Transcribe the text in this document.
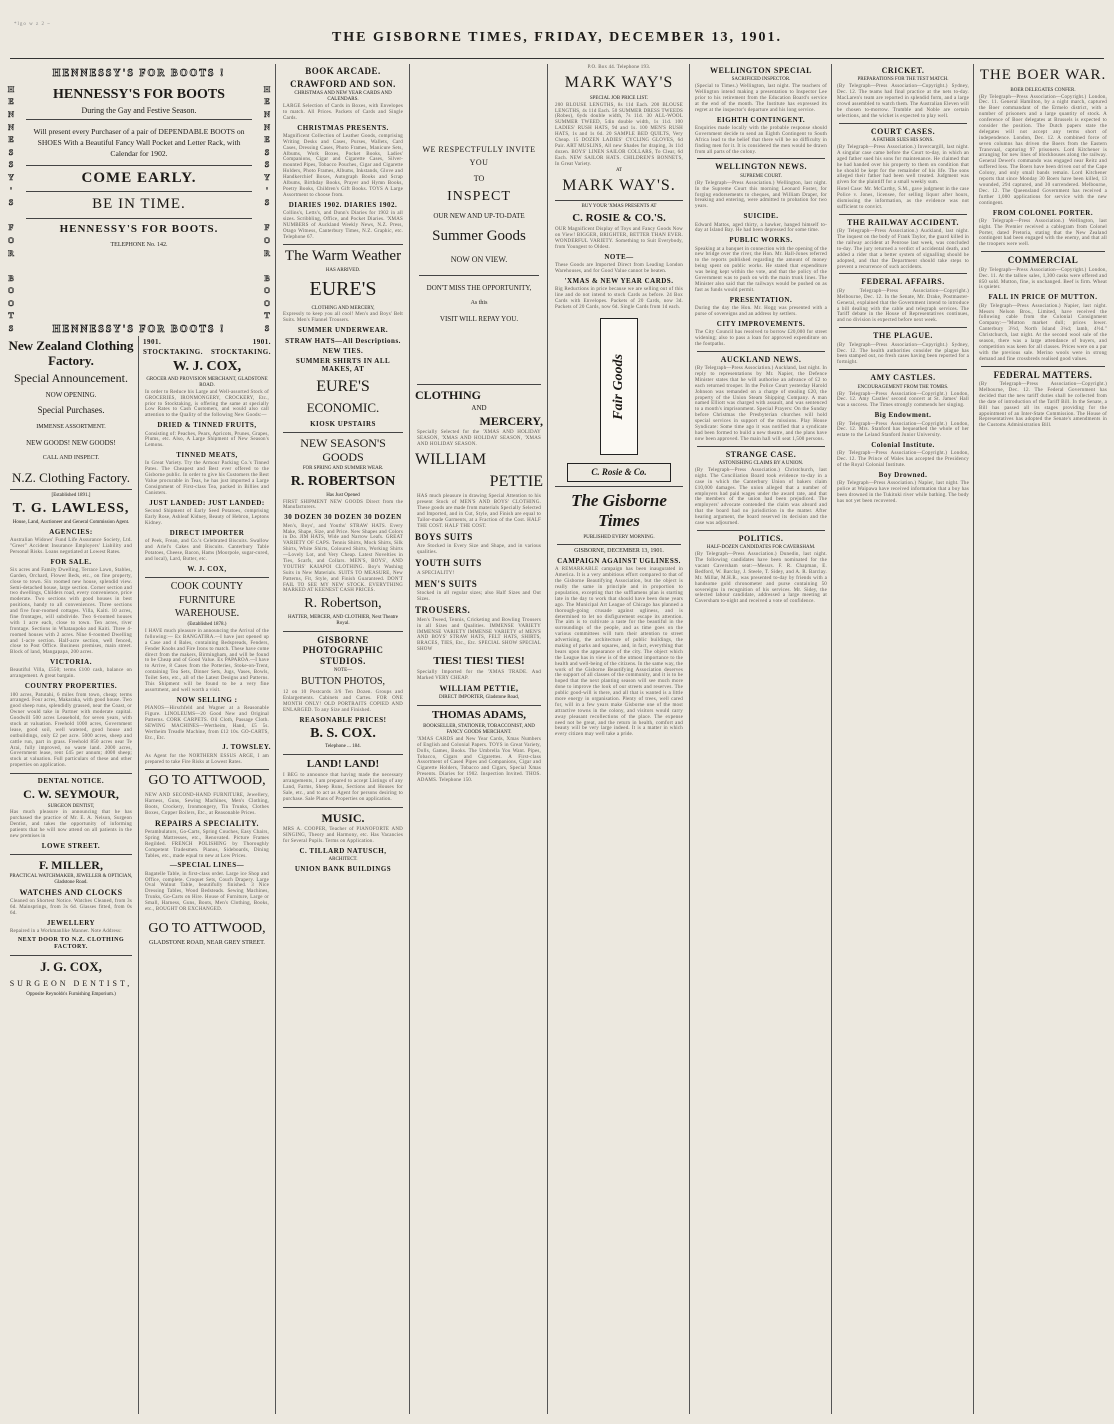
*lgo w z 2 ~
THE GISBORNE TIMES, FRIDAY, DECEMBER 13, 1901.
HENNESSY'S FOR BOOTS !
H
E
N
N
E
S
S
Y
'
S

F
O
R

B
O
O
T
S
H
E
N
N
E
S
S
Y
'
S

F
O
R

B
O
O
T
S
HENNESSY'S FOR BOOTS
During the Gay and Festive Season.
Will present every Purchaser of a pair of DEPENDABLE BOOTS on SHOES With a Beautiful Fancy Wall Pocket and Letter Rack, with Calendar for 1902.
COME EARLY.
BE IN TIME.
HENNESSY'S FOR BOOTS.
TELEPHONE No. 142.
HENNESSY'S FOR BOOTS !
New Zealand Clothing Factory.
Special Announcement.
NOW OPENING.
Special Purchases.
IMMENSE ASSORTMENT.
NEW GOODS! NEW GOODS!
CALL AND INSPECT.
N.Z. Clothing Factory.
[Established 1891.]
T. G. LAWLESS,
House, Land, Auctioneer and General Commission Agent.
AGENCIES:
Australian Widows' Fund Life Assurance Society, Ltd. "Greer" Accident Insurance Employers' Liability and Personal Risks. Loans negotiated at Lowest Rates.
FOR SALE.
Six acres and Family Dwelling, Terrace Lawn, Stables, Garden, Orchard, Flower Beds, etc., on fine property, close to town. Six roomed new house, splendid view. Semi-detached house, large section. Corner section and two dwellings, Childers road, every convenience, price moderate. Two sections with good houses in best positions, handy to all conveniences. Three sections and five four-roomed cottages. Villa, Kaiti. 10 acres, fine frontages, will subdivide. Two 6-roomed houses with 1 acre each, close to town. Ten acres, river frontage. Sections in Whataupoko and Kaiti. Three 4-roomed houses with 2 acres. Nine 6-roomed Dwelling and 1-acre section. Half-acre section, well fenced, close to Post Office. Business premises, main street. Block of land, Mangapapa, 200 acres.
VICTORIA.
Beautiful Villa, £550; terms £100 cash, balance on arrangement. A great bargain.
COUNTRY PROPERTIES.
100 acres, Patutahi, 6 miles from town, cheap; terms arranged. Four acres, Makaraka, with good house. Two good sheep runs, splendidly grassed, near the Coast, or Owner would take in Partner with moderate capital. Goodwill 500 acres Leasehold, for seven years, with stock at valuation. Freehold 1000 acres, Government lease, good soil, well watered, good house and outbuildings, only £2 per acre. 5000 acres, sheep and cattle run, part in grass. Freehold 850 acres near Te Arai, fully improved, no waste land. 2000 acres, Government lease, rent £45 per annum; 4000 sheep; stock at valuation. Full particulars of these and other properties on application.
DENTAL NOTICE.
C. W. SEYMOUR,
SURGEON DENTIST,
Has much pleasure in announcing that he has purchased the practice of Mr. E. A. Nelson, Surgeon Dentist, and takes the opportunity of informing patients that he will now attend on all patients in the new premises in
LOWE STREET.
F. MILLER,
PRACTICAL WATCHMAKER, JEWELLER & OPTICIAN, Gladstone Road.
WATCHES AND CLOCKS
Cleaned on Shortest Notice. Watches Cleaned, from 3s 6d. Mainsprings, from 3s 6d. Glasses fitted, from 0s 6d.
JEWELLERY
Repaired in a Workmanlike Manner. Note Address:
NEXT DOOR TO N.Z. CLOTHING FACTORY.
J. G. COX,
SURGEON DENTIST,
Opposite Reynolds's Furnishing Emporium.)
1901.	1901.
STOCKTAKING. STOCKTAKING.
W. J. COX,
GROCER AND PROVISION MERCHANT, GLADSTONE ROAD.
In order to Reduce his Large and Well-assorted Stock of GROCERIES, IRONMONGERY, CROCKERY, Etc., prior to Stocktaking, is offering the same at specially Low Rates to Cash Customers, and would also call attention to the Quality of the following New Goods:—
DRIED & TINNED FRUITS,
Consisting of: Peaches, Pears, Apricots, Prunes, Grapes, Plums, etc. Also, A Large Shipment of New Season's Lemons.
TINNED MEATS,
In Great Variety. Try the Armour Packing Co.'s Tinned Pates. The Cheapest and Best ever offered to the Gisborne public. In order to give his Customers the Best Value procurable in Teas, he has just imported a Large Consignment of First-class Tea, packed in Billies and Canisters.
JUST LANDED: JUST LANDED:
Second Shipment of Early Seed Potatoes, comprising Early Rose, Ashleaf Kidney, Beauty of Hebron, Leptons Kidney.
DIRECT IMPORTER
of Peek, Frean, and Co.'s Celebrated Biscuits. Swallow and Ariel's Cakes and Biscuits. Canterbury Table Potatoes, Cheese, Bacon, Hams (Moorpole, sugar-cured, and local), Lard, Butter, etc.
W. J. COX,
COOK COUNTY
FURNITURE
WAREHOUSE.
(Established 1878.)
I HAVE much pleasure in announcing the Arrival of the following:— Ex BANGATIRA.—I have just opened up a Case and 4 Bales, containing Bedspreads, Fenders, Fender Knobs and Fire Irons to match. These have come direct from the makers, Birmingham, and will be found to be Cheap and of Good Value. Ex PAPAROA.—I have to Arrive, 8 Cases from the Potteries, Stoke-on-Trent, containing Tea Sets, Dinner Sets, Jugs, Vases, Bowls, Toilet Sets, etc., all of the Latest Designs and Patterns. This Shipment will be found to be a very fine assortment, and well worth a visit.
NOW SELLING :
PIANOS—Hirschfeld and Wagner at a Reasonable Figure. LINOLEUMS—20 Good New and Original Patterns. CORK CARPETS. Oil Cloth, Passage Cloth. SEWING MACHINES—Wertheim, Hand, £5 5s. Wertheim Treadle Machine, from £12 10s. GO-CARTS, Etc., Etc.
J. TOWSLEY.
As Agent for the NORTHERN ESSUS ARGE, I am prepared to take Fire Risks at Lowest Rates.
GO TO ATTWOOD,
NEW AND SECOND-HAND FURNITURE, Jewellery, Harness, Guns, Sewing Machines, Men's Clothing, Boots, Crockery, Ironmongery, Tin Trunks, Clothes Boxes, Copper Boilers, Etc., at Reasonable Prices.
REPAIRS A SPECIALITY.
Perambulators, Go-Carts, Spring Couches, Easy Chairs, Spring Mattresses, etc., Renovated. Picture Frames Regilded. FRENCH POLISHING by Thoroughly Competent Tradesmen. Pianos, Sideboards, Dining Tables, etc., made equal to new at Low Prices.
—SPECIAL LINES—
Bagatelle Table, in first-class order. Large ice Shop and Office, complete. Croquet Sets, Couch Drapery. Large Oval Walnut Table, beautifully finished. 3 Nice Dressing Tables, Wood Bedsteads. Sewing Machines, Trunks, Go-Carts on Hire. House of Furniture, Large or Small, Harness, Guns, Boots, Men's Clothing, Books, etc., BOUGHT OR EXCHANGED.
GO TO ATTWOOD,
GLADSTONE ROAD, NEAR GREY STREET.
BOOK ARCADE.
CRAWFORD AND SON.
CHRISTMAS AND NEW YEAR CARDS AND CALENDARS.
LARGE Selection of Cards in Boxes, with Envelopes to match. All Prices. Packets of Cards and Single Cards.
CHRISTMAS PRESENTS.
Magnificent Collection of Leather Goods, comprising Writing Desks and Cases, Purses, Wallets, Card Cases, Dressing Cases, Photo Frames, Manicure Sets, Albums, Work Boxes, Pocket Books, Ladies' Companions, Cigar and Cigarette Cases, Silver-mounted Pipes, Tobacco Pouches, Cigar and Cigarette Holders, Photo Frames, Albums, Inkstands, Glove and Handkerchief Boxes, Autograph Books and Scrap Albums, Birthday Books, Prayer and Hymn Books, Poetry Books, Children's Gift Books. TOYS A Large Assortment to choose from.
DIARIES 1902. DIARIES 1902.
Collins's, Letts's, and Dunn's Diaries for 1902 in all sizes. Scribbling, Office, and Pocket Diaries. 'XMAS NUMBERS of Auckland Weekly News, N.Z. Press, Otago Witness, Canterbury Times, N.Z. Graphic, etc. Telephone 67.
The Warm Weather
HAS ARRIVED.
EURE'S
CLOTHING AND MERCERY,
Expressly to keep you all cool! Men's and Boys' Belt Suits. Men's Flannel Trousers.
SUMMER UNDERWEAR.
STRAW HATS—All Descriptions.
NEW TIES.
SUMMER SHIRTS IN ALL MAKES, AT
EURE'S
ECONOMIC.
KIOSK UPSTAIRS
NEW SEASON'S GOODS
FOR SPRING AND SUMMER WEAR.
R. ROBERTSON
Has Just Opened
FIRST SHIPMENT NEW GOODS Direct from the Manufacturers.
30 DOZEN 30 DOZEN 30 DOZEN
Men's, Boys', and Youths' STRAW HATS. Every Make, Shape, Size, and Price. New Shapes and Colors in Do. JIM HATS, Wide and Narrow Leafs. GREAT VARIETY OF CAPS. Tennis Shirts, Mock Shirts, Silk Shirts, White Shirts, Coloured Shirts, Working Shirts—Lovely Lot, and Very Cheap. Latest Novelties in Ties, Scarfs, and Collars. MEN'S, BOYS', AND YOUTHS' KAIAPOI CLOTHING. Boy's Washing Suits in New Materials. SUITS TO MEASURE, New Patterns, Fit, Style, and Finish Guaranteed. DON'T FAIL TO SEE MY NEW STOCK. EVERYTHING MARKED AT KEENEST CASH PRICES.
R. Robertson,
HATTER, MERCER, AND CLOTHIER, Next Theatre Royal.
GISBORNE PHOTOGRAPHIC STUDIOS.
NOTE—
BUTTON PHOTOS,
12 on 10 Postcards 3/6 Ten Dozen. Groups and Enlargements. Cabinets and Cartes. FOR ONE MONTH ONLY! OLD PORTRAITS COPIED AND ENLARGED. To any Size and Finished.
REASONABLE PRICES!
B. S. COX.
Telephone ... 184.
LAND! LAND!
I BEG to announce that having made the necessary arrangements, I am prepared to accept Listings of any Land, Farms, Sheep Runs, Sections and Houses for Sale, etc., and to act as Agent for persons desiring to purchase. Sale Plans of Properties on application.
MUSIC.
MRS A. COOPER, Teacher of PIANOFORTE AND SINGING, Theory and Harmony, etc. Has Vacancies for Several Pupils. Terms on Application.
C. TILLARD NATUSCH,
ARCHITECT.
UNION BANK BUILDINGS
WE RESPECTFULLY INVITE YOU
TO
INSPECT
OUR NEW AND UP-TO-DATE
Summer Goods
NOW ON VIEW.
DON'T MISS THE OPPORTUNITY,
As this
VISIT WILL REPAY YOU.
CLOTHING
AND
MERCERY,
Specially Selected for the 'XMAS AND HOLIDAY SEASON, 'XMAS AND HOLIDAY SEASON, 'XMAS AND HOLIDAY SEASON.
WILLIAM
PETTIE
HAS much pleasure in drawing Special Attention to his present Stock of MEN'S AND BOYS' CLOTHING. These goods are made from materials Specially Selected and Imported, and in Cut, Style, and Finish are equal to Tailor-made Garments, at a Fraction of the Cost. HALF THE COST. HALF THE COST.
BOYS SUITS
Are Stocked in Every Size and Shape, and in various qualities.
YOUTH SUITS
A SPECIALITY!
MEN'S SUITS
Stocked in all regular sizes; also Half Sizes and Out Sizes.
TROUSERS.
Men's Tweed, Tennis, Cricketing and Bowling Trousers in all Sizes and Qualities. IMMENSE VARIETY IMMENSE VARIETY IMMENSE VARIETY of MEN'S AND BOYS' STRAW HATS, FELT HATS, SHIRTS, BRACES, TIES, Etc., Etc. SPECIAL SHOW SPECIAL SHOW
TIES! TIES! TIES!
Specially Imported for the 'XMAS TRADE. And Marked VERY CHEAP.
WILLIAM PETTIE,
DIRECT IMPORTER, Gladstone Road,
THOMAS ADAMS,
BOOKSELLER, STATIONER, TOBACCONIST, AND FANCY GOODS MERCHANT.
'XMAS CARDS and New Year Cards, Xmas Numbers of English and Colonial Papers. TOYS in Great Variety, Dolls, Games, Books. The Umbrella You Want. Pipes, Tobacco, Cigars and Cigarettes. A First-class Assortment of Cased Pipes and Companions, Cigar and Cigarette Holders, Tobacco and Cigars, Special Xmas Presents. Diaries for 1902. Inspection Invited. THOS. ADAMS. Telephone 150.
P.O. Box 44. Telephone 193.
MARK WAY'S
SPECIAL JOB PRICE LIST.
200 BLOUSE LENGTHS, 8s 11d Each. 200 BLOUSE LENGTHS, 4s 11d Each. 50 SUMMER DRESS TWEEDS (Robes), 6yds double width, 7s 11d. 30 ALL-WOOL SUMMER TWEED, 54in double width, 1s 11d. 100 LADIES' RUSH HATS, 9d and 1s. 100 MEN'S RUSH HATS, 1s and 1s 6d. 20 SAMPLE BED QUILTS, Very Cheap. 15 DOZEN LADIES' CYCLING GLOVES, 6d Pair. ART MUSLINS, All new Shades for draping, 3s 11d dozen. BOYS' LINEN SAILOR COLLARS, To Clear, 6d Each. NEW SAILOR HATS. CHILDREN'S BONNETS, In Great Variety.
AT
MARK WAY'S.
BUY YOUR 'XMAS PRESENTS AT
C. ROSIE & CO.'S.
OUR Magnificent Display of Toys and Fancy Goods Now on View! BIGGER, BRIGHTER, BETTER THAN EVER. WONDERFUL VARIETY. Something to Suit Everybody, from Youngest to Oldest.
NOTE—
These Goods are Imported Direct from Leading London Warehouses, and for Good Value cannot be beaten.
'XMAS & NEW YEAR CARDS.
Big Reductions in price because we are selling out of this line and do not intend to stock Cards as before. 24 Box Cards with Envelopes. Packets of 20 Cards, now 3d. Packets of 20 Cards, now 6d. Single Cards from 1d each.
Fair Goods
C. Rosie & Co.
The Gisborne Times
PUBLISHED EVERY MORNING.
GISBORNE, DECEMBER 13, 1901.
CAMPAIGN AGAINST UGLINESS.
A REMARKABLE campaign has been inaugurated in America. It is a very ambitious effort compared to that of the Gisborne Beautifying Association, but the object is really the same in principle and in proportion to population, excepting that the sufflamens plan is starting late in the day to work that should have been done years ago. The Municipal Art League of Chicago has planned a thorough-going crusade against ugliness, and is determined to let no disfigurement escape its attention. The aim is to cultivate a taste for the beautiful in the surroundings of the people, and as time goes on the various committees will turn their attention to street advertising, the architecture of public buildings, the making of parks and squares, and, in fact, everything that bears upon the appearance of the city. The object which the League has in view is of the utmost importance to the health and well-being of the citizens. In the same way, the work of the Gisborne Beautifying Association deserves the support of all classes of the community, and it is to be hoped that the next planting season will see much more done to improve the look of our streets and reserves. The public good-will is there, and all that is wanted is a little more energy in organisation. Plenty of trees, well cared for, will in a few years make Gisborne one of the most attractive towns in the colony, and visitors would carry away pleasant recollections of the place. The expense need not be great, and the return in health, comfort and beauty will be very large indeed. It is a matter in which every citizen may well take a pride.
WELLINGTON SPECIAL
SACRIFICED INSPECTOR.
(Special to Times.) Wellington, last night. The teachers of Wellington intend making a presentation to Inspector Lee prior to his retirement from the Education Board's service at the end of the month. The Institute has expressed its regret at the inspector's departure and his long service.
EIGHTH CONTINGENT.
Enquiries made locally with the probable response should Government decide to send an Eighth Contingent to South Africa lead to the belief that there will be no difficulty in finding men for it. It is considered the men would be drawn from all parts of the colony.
WELLINGTON NEWS.
SUPREME COURT.
(By Telegraph—Press Association.) Wellington, last night. In the Supreme Court this morning Leonard Foster, for forging endorsements to cheques, and William Draper, for breaking and entering, were admitted to probation for two years.
SUICIDE.
Edward Mattos, aged thirty, a hawker, hanged himself to-day at Island Bay. He had been depressed for some time.
PUBLIC WORKS.
Speaking at a banquet in connection with the opening of the new bridge over the river, the Hon. Mr. Hall-Jones referred to the reports published regarding the amount of money being spent on public works. He stated that expenditure was being kept within the vote, and that the policy of the Government was to push on with the main trunk lines. The Minister also said that the railways would be pushed on as fast as funds would permit.
PRESENTATION.
During the day the Hon. Mr. Hogg was presented with a purse of sovereigns and an address by settlers.
CITY IMPROVEMENTS.
The City Council has resolved to borrow £20,000 for street widening; also to pass a loan for approved expenditure on the footpaths.
AUCKLAND NEWS.
(By Telegraph—Press Association.) Auckland, last night. In reply to representations by Mr. Napier, the Defence Minister states that he will authorise an advance of £2 to each returned trooper. In the Police Court yesterday Harold Johnson was remanded on a charge of stealing £20, the property of the Union Steam Shipping Company. A man named Elliott was charged with assault, and was sentenced to a month's imprisonment. Special Prayers: On the Sunday before Christmas the Presbyterian churches will hold special services in support of the missions. Play House Syndicate: Some time ago it was notified that a syndicate had been formed to build a new theatre, and the plans have now been approved. The main hall will seat 1,500 persons.
STRANGE CASE.
ASTONISHING CLAIMS BY A UNION.
(By Telegraph—Press Association.) Christchurch, last night. The Conciliation Board took evidence to-day in a case in which the Canterbury Union of bakers claim £10,000 damages. The union alleged that a number of employers had paid wages under the award rate, and that the members of the union had been prejudiced. The employers' advocate contended the claim was absurd and that the board had no jurisdiction in the matter. After hearing argument, the board reserved its decision and the case was adjourned.
POLITICS.
HALF-DOZEN CANDIDATES FOR CAVERSHAM.
(By Telegraph—Press Association.) Dunedin, last night. The following candidates have been nominated for the vacant Caversham seat:—Messrs. F. R. Chapman, E. Bedford, W. Barclay, J. Steele, T. Sidey, and A. R. Barclay. Mr. Millar, M.H.R., was presented to-day by friends with a handsome gold chronometer and purse containing 50 sovereigns in recognition of his services. Mr. Sidey, the selected labour candidate, addressed a large meeting at Caversham to-night and received a vote of confidence.
CRICKET.
PREPARATIONS FOR THE TEST MATCH.
(By Telegraph—Press Association—Copyright.) Sydney, Dec. 12. The teams had final practice at the nets to-day. MacLaren's team are reported in splendid form, and a large crowd assembled to watch them. The Australian Eleven will be chosen to-morrow. Trumble and Noble are certain selections, and the wicket is expected to play well.
COURT CASES.
A FATHER SUES HIS SONS.
(By Telegraph—Press Association.) Invercargill, last night. A singular case came before the Court to-day, in which an aged father sued his sons for maintenance. He claimed that he had handed over his property to them on condition that he should be kept for the remainder of his life. The sons alleged their father had been well treated. Judgment was given for the plaintiff for a small weekly sum.
Hotel Case: Mr. McCarthy, S.M., gave judgment in the case Police v. Jones, licensee, for selling liquor after hours, dismissing the information, as the evidence was not sufficient to convict.
THE RAILWAY ACCIDENT.
(By Telegraph—Press Association.) Auckland, last night. The inquest on the body of Frank Taylor, the guard killed in the railway accident at Penrose last week, was concluded to-day. The jury returned a verdict of accidental death, and added a rider that a better system of signalling should be adopted, and that the Department should take steps to prevent a recurrence of such accidents.
FEDERAL AFFAIRS.
(By Telegraph—Press Association—Copyright.) Melbourne, Dec. 12. In the Senate, Mr. Drake, Postmaster-General, explained that the Government intend to introduce a bill dealing with the cable and telegraph services. The Tariff debate in the House of Representatives continues, and no division is expected before next week.
THE PLAGUE.
(By Telegraph—Press Association—Copyright.) Sydney, Dec. 12. The health authorities consider the plague has been stamped out, no fresh cases having been reported for a fortnight.
AMY CASTLES.
ENCOURAGEMENT FROM THE TOMBS.
(By Telegraph—Press Association—Copyright.) London, Dec. 12. Amy Castles' second concert at St. James' Hall was a success. The Times strongly commends her singing.
Big Endowment.
(By Telegraph—Press Association—Copyright.) London, Dec. 12. Mrs. Stanford has bequeathed the whole of her estate to the Leland Stanford Junior University.
Colonial Institute.
(By Telegraph—Press Association—Copyright.) London, Dec. 12. The Prince of Wales has accepted the Presidency of the Royal Colonial Institute.
Boy Drowned.
(By Telegraph—Press Association.) Napier, last night. The police at Waipawa have received information that a boy has been drowned in the Tukituki river while bathing. The body has not yet been recovered.
THE BOER WAR.
BOER DELEGATES CONFER.
(By Telegraph—Press Association—Copyright.) London, Dec. 11. General Hamilton, by a night march, captured the Boer commandant of the Ermelo district, with a number of prisoners and a large quantity of stock. A conference of Boer delegates at Brussels is expected to consider the position. The Dutch papers state the delegates will not accept any terms short of independence. London, Dec. 12. A combined force of seven columns has driven the Boers from the Eastern Transvaal, capturing 97 prisoners. Lord Kitchener is arranging for new lines of blockhouses along the railway. General Dewet's commando was engaged near Reitz and suffered loss. The Boers have been driven out of the Cape Colony, and only small bands remain. Lord Kitchener reports that since Monday 30 Boers have been killed, 13 wounded, 294 captured, and 30 surrendered. Melbourne, Dec. 12. The Queensland Government has received a further 1,000 applications for service with the new contingent.
FROM COLONEL PORTER.
(By Telegraph—Press Association.) Wellington, last night. The Premier received a cablegram from Colonel Porter, dated Pretoria, stating that the New Zealand contingent had been engaged with the enemy, and that all the troopers were well.
COMMERCIAL
(By Telegraph—Press Association—Copyright.) London, Dec. 11. At the tallow sales, 1,300 casks were offered and 850 sold. Mutton, fine, is unchanged. Beef is firm. Wheat is quieter.
FALL IN PRICE OF MUTTON.
(By Telegraph—Press Association.) Napier, last night. Messrs Nelson Bros., Limited, have received the following cable from the Colonial Consignment Company:—"Mutton market dull; prices lower. Canterbury 3½d, North Island 3¼d; lamb, 4½d." Christchurch, last night. At the second wool sale of the season, there was a large attendance of buyers, and competition was keen for all classes. Prices were on a par with the previous sale. Merino wools were in strong demand and fine crossbreds realised good values.
FEDERAL MATTERS.
(By Telegraph—Press Association—Copyright.) Melbourne, Dec. 12. The Federal Government has decided that the new tariff duties shall be collected from the date of introduction of the Tariff Bill. In the Senate, a Bill has passed all its stages providing for the appointment of an Inter-State Commission. The House of Representatives has adopted the Senate's amendments in the Customs Administration Bill.
